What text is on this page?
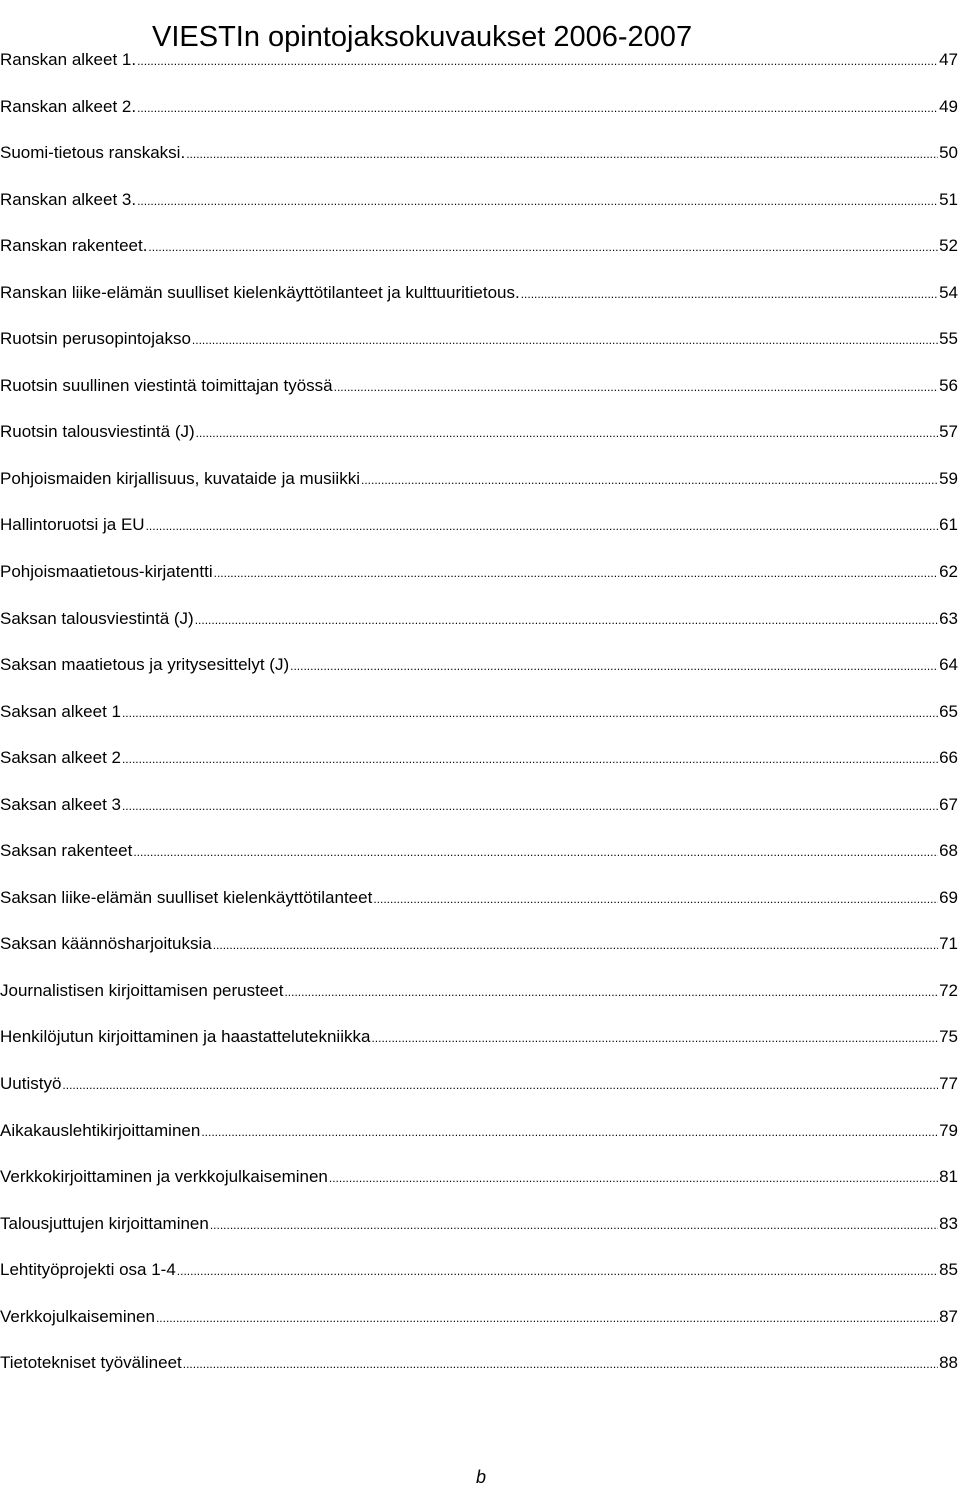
VIESTIn opintojaksokuvaukset 2006-2007
Ranskan alkeet 1. .....	47
Ranskan alkeet 2. .....	49
Suomi-tietous ranskaksi. .....	50
Ranskan alkeet 3. .....	51
Ranskan rakenteet. .....	52
Ranskan liike-elämän suulliset kielenkäyttötilanteet ja kulttuuritietous. .....	54
Ruotsin perusopintojakso .....	55
Ruotsin suullinen viestintä toimittajan työssä .....	56
Ruotsin talousviestintä (J) .....	57
Pohjoismaiden kirjallisuus, kuvataide ja musiikki .....	59
Hallintoruotsi ja EU .....	61
Pohjoismaatietous-kirjatentti .....	62
Saksan talousviestintä (J) .....	63
Saksan maatietous ja yritysesittelyt (J) .....	64
Saksan alkeet 1 .....	65
Saksan alkeet 2 .....	66
Saksan alkeet 3 .....	67
Saksan rakenteet .....	68
Saksan liike-elämän suulliset kielenkäyttötilanteet .....	69
Saksan käännösharjoituksia .....	71
Journalistisen kirjoittamisen perusteet .....	72
Henkilöjutun kirjoittaminen ja haastattelutekniikka .....	75
Uutistyö .....	77
Aikakauslehtikirjoittaminen .....	79
Verkkokirjoittaminen ja verkkojulkaiseminen .....	81
Talousjuttujen kirjoittaminen .....	83
Lehtityöprojekti osa 1-4 .....	85
Verkkojulkaiseminen .....	87
Tietotekniset työvälineet .....	88
b
